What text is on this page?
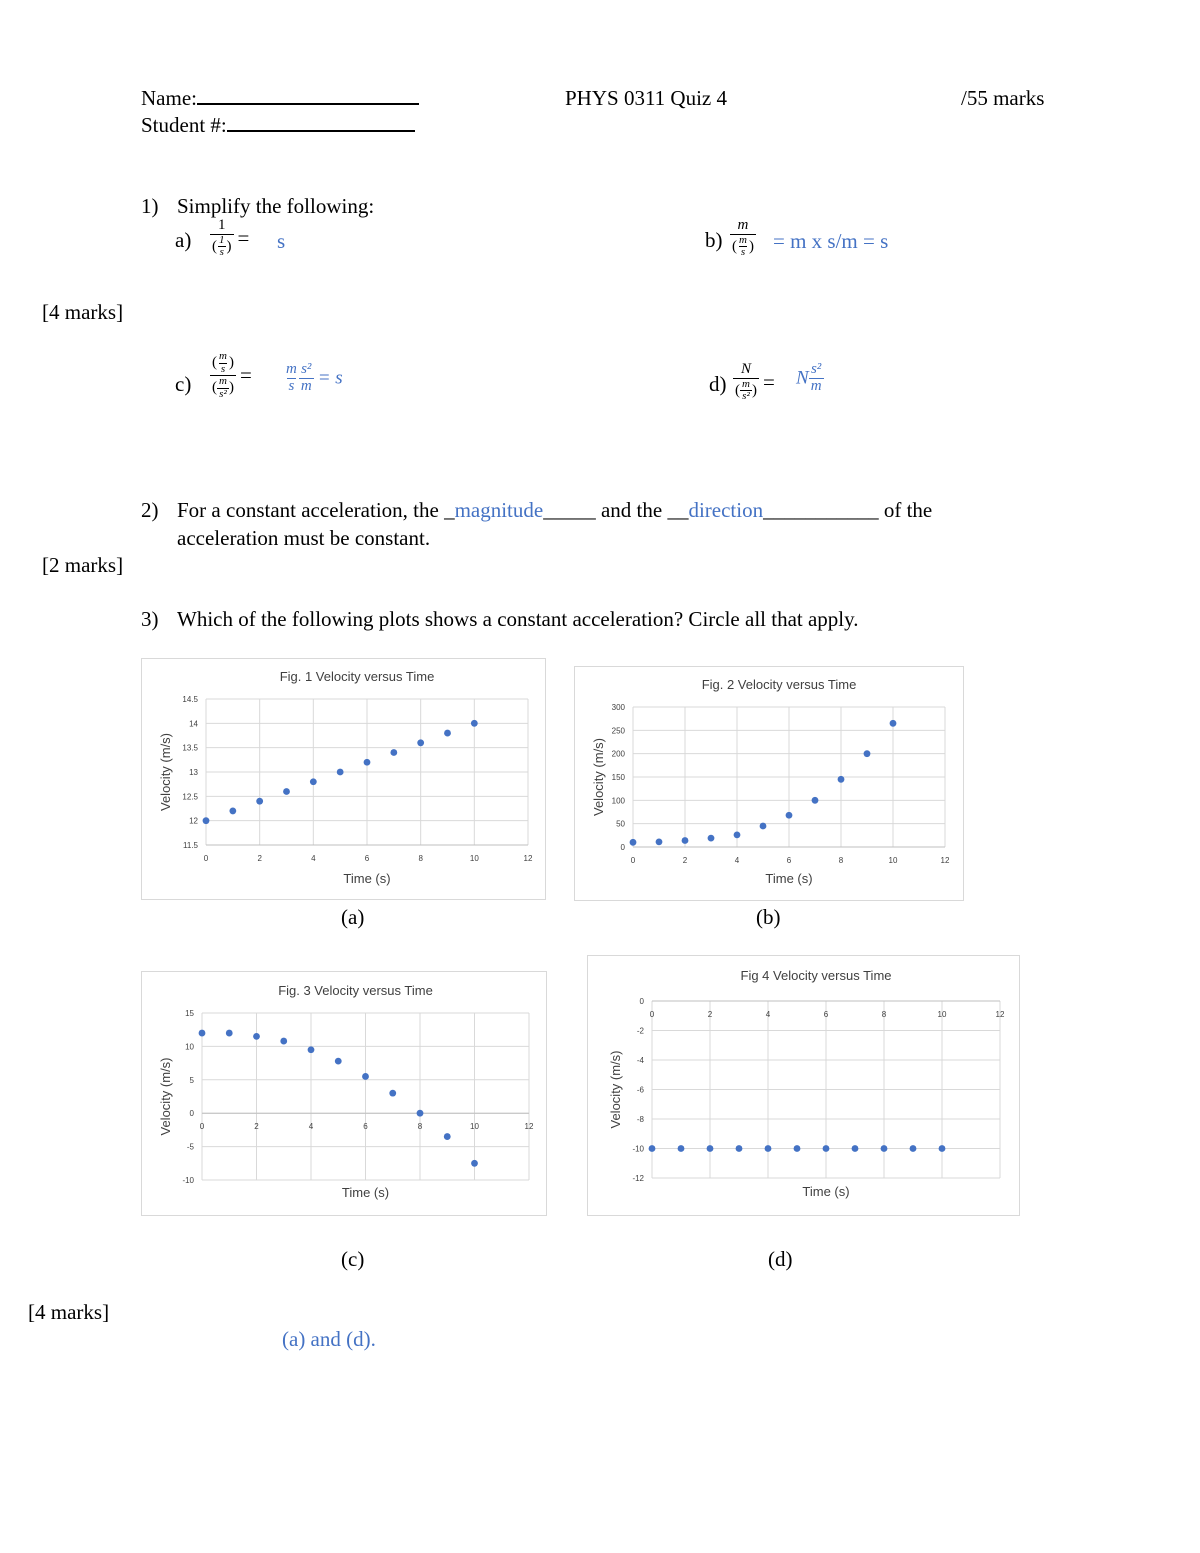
Name:
Student #:
PHYS 0311 Quiz 4	/55 marks
1) Simplify the following:
$a) \frac{1}{( \frac{1}{s} )} = s$	$b) \frac{m}{( \frac{m}{s} )} = m$ x s/m = s
[4 marks]
$c) \frac{( \frac{m}{s} )}{( \frac{m}{\text{s²}} )} = \frac{m}{s} \frac{\text{s²}}{m} = s$	$d) \frac{N}{( \frac{m}{\text{s²}} )} = N \frac{\text{s²}}{m}$
2) For a constant acceleration, the _magnitude_____ and the __direction___________ of the
acceleration must be constant.
[2 marks]
3) Which of the following plots shows a constant acceleration? Circle all that apply.
11.5
12
12.5
13
13.5
14
14.5
0	2	4	6	8	10	12
Fig. 1 Velocity versus Time
Time (s)
Velocity (m/s)
0
50
100
150
200
250
300
0	2	4	6	8	10	12
Fig. 2 Velocity versus Time
Time (s)
Velocity (m/s)
-10
-5
0
5
10
15
0	2	4	6	8	10	12
Fig. 3 Velocity versus Time
Time (s)
Velocity (m/s)
-12
-10
-8
-6
-4
-2
0
0	2	4	6	8	10	12
Fig 4 Velocity versus Time
Time (s)
Velocity (m/s)
(a)	(b)
(c)	(d)
[4 marks]
(a) and (d).
